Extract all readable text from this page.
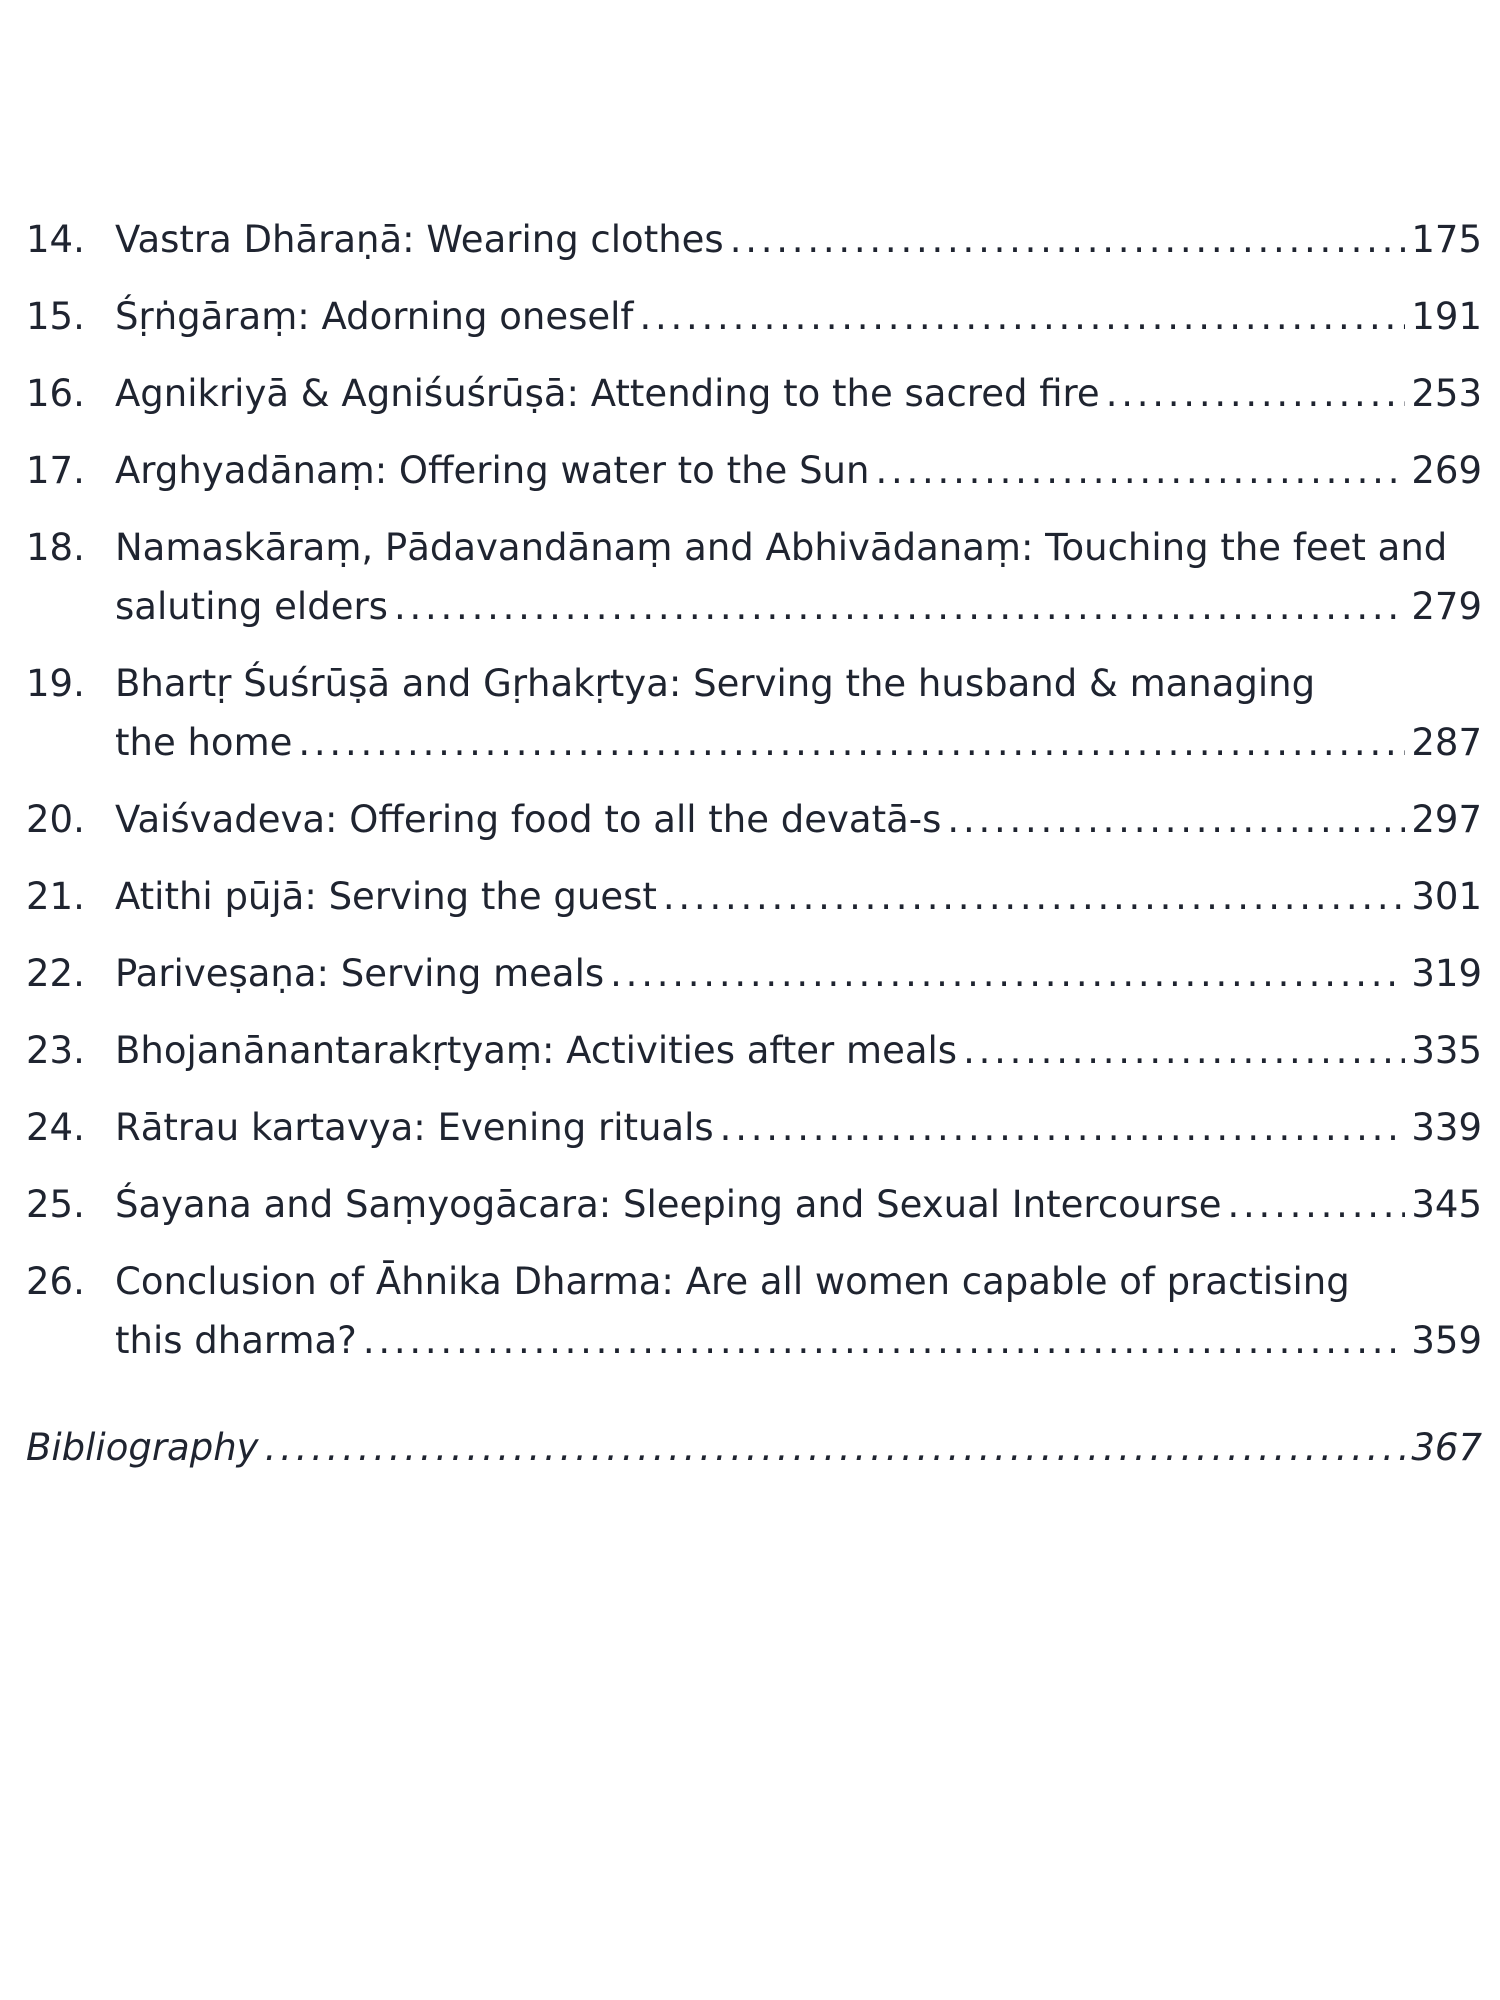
14. Vastra Dhāraṇā: Wearing clothes . . .	175
15. Śṛṅgāraṃ: Adorning oneself . . .	191
16. Agnikriyā & Agniśuśrūṣā: Attending to the sacred fire . . .	253
17. Arghyadānaṃ: Offering water to the Sun . . .	269
18. Namaskāraṃ, Pādavandānaṃ and Abhivādanaṃ: Touching the feet and
saluting elders . . .	279
19. Bhartṛ Śuśrūṣā and Gṛhakṛtya: Serving the husband & managing
the home . . .	287
20. Vaiśvadeva: Offering food to all the devatā-s . . .	297
21. Atithi pūjā: Serving the guest . . .	301
22. Pariveṣaṇa: Serving meals . . .	319
23. Bhojanānantarakṛtyaṃ: Activities after meals . . .	335
24. Rātrau kartavya: Evening rituals . . .	339
25. Śayana and Saṃyogācara: Sleeping and Sexual Intercourse . . .	345
26. Conclusion of Āhnika Dharma: Are all women capable of practising
this dharma? . . .	359
Bibliography . . .	367
